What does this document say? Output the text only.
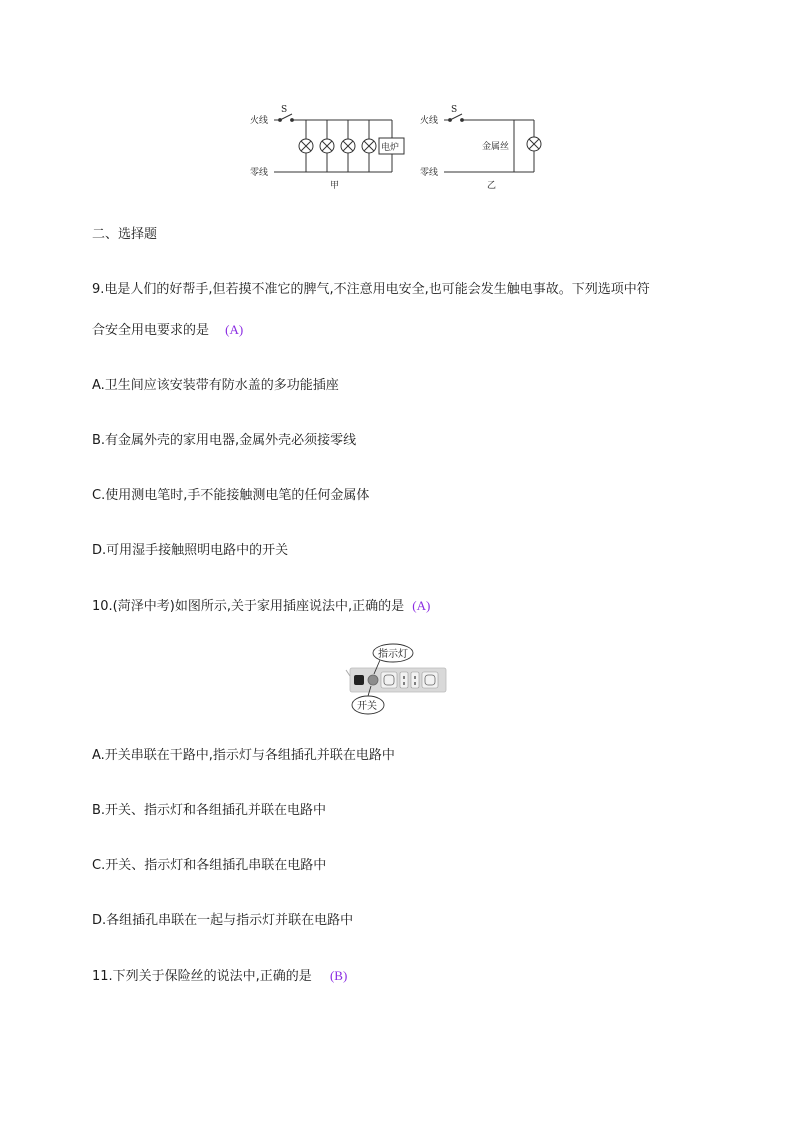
S
火线
零线
电炉
甲
S
火线
零线
金属丝
乙
二、选择题
9.电是人们的好帮手,但若摸不准它的脾气,不注意用电安全,也可能会发生触电事故。下列选项中符
合安全用电要求的是 (A)
A.卫生间应该安装带有防水盖的多功能插座
B.有金属外壳的家用电器,金属外壳必须接零线
C.使用测电笔时,手不能接触测电笔的任何金属体
D.可用湿手接触照明电路中的开关
10.(菏泽中考)如图所示,关于家用插座说法中,正确的是 (A)
指示灯
开关
A.开关串联在干路中,指示灯与各组插孔并联在电路中
B.开关、指示灯和各组插孔并联在电路中
C.开关、指示灯和各组插孔串联在电路中
D.各组插孔串联在一起与指示灯并联在电路中
11.下列关于保险丝的说法中,正确的是 (B)
